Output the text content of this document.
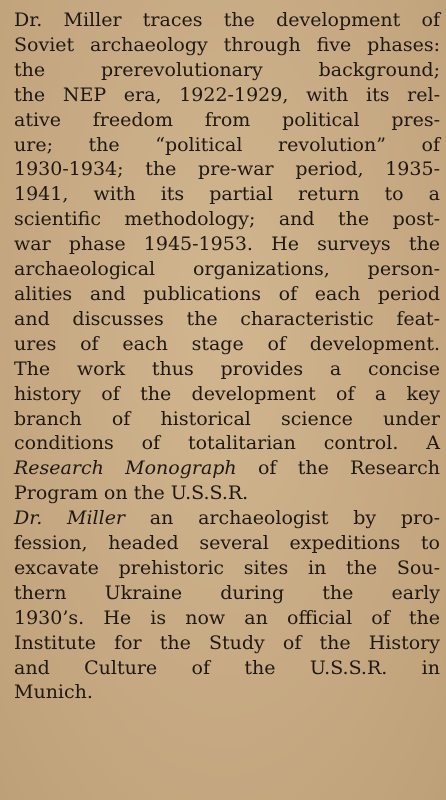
Dr. Miller traces the development of
Soviet archaeology through five phases:
the prerevolutionary background;
the NEP era, 1922-1929, with its rel-
ative freedom from political pres-
ure; the “political revolution” of
1930-1934; the pre-war period, 1935-
1941, with its partial return to a
scientific methodology; and the post-
war phase 1945-1953. He surveys the
archaeological organizations, person-
alities and publications of each period
and discusses the characteristic feat-
ures of each stage of development.
The work thus provides a concise
history of the development of a key
branch of historical science under
conditions of totalitarian control. A
Research Monograph of the Research
Program on the U.S.S.R.
Dr. Miller an archaeologist by pro-
fession, headed several expeditions to
excavate prehistoric sites in the Sou-
thern Ukraine during the early
1930’s. He is now an official of the
Institute for the Study of the History
and Culture of the U.S.S.R. in
Munich.
